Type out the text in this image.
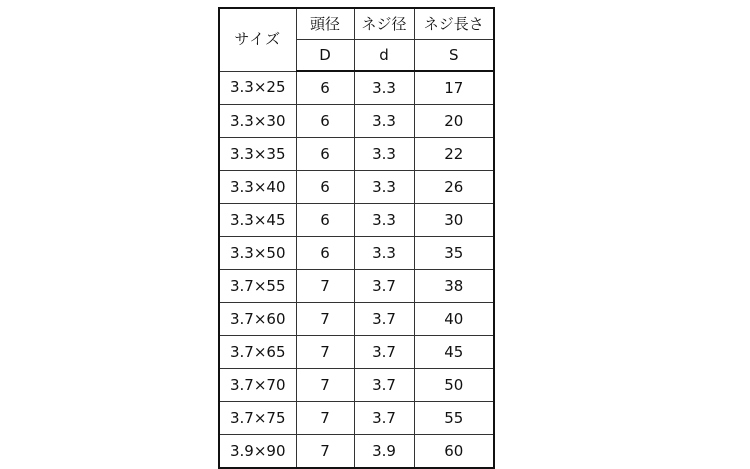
サイズ	頭径	ネジ径	ネジ長さ
	D	d	S
3.3×25	6	3.3	17
3.3×30	6	3.3	20
3.3×35	6	3.3	22
3.3×40	6	3.3	26
3.3×45	6	3.3	30
3.3×50	6	3.3	35
3.7×55	7	3.7	38
3.7×60	7	3.7	40
3.7×65	7	3.7	45
3.7×70	7	3.7	50
3.7×75	7	3.7	55
3.9×90	7	3.9	60
